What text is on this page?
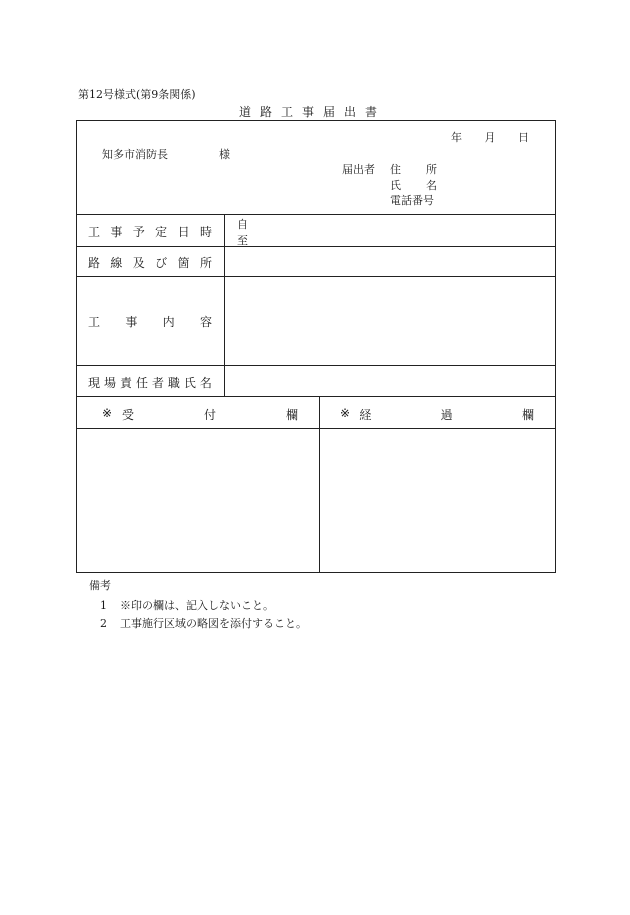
第12号様式(第9条関係)
道路工事届出書
年 月 日
知多市消防長	様
届出者 住 所
氏 名
電話番号
工 事 予 定 日 時
自
至
路 線 及 び 箇 所
工 事 内 容
現 場 責 任 者 職 氏 名
※ 受	付	欄	※ 経	過	欄
備考
1 ※印の欄は、記入しないこと。
2 工事施行区域の略図を添付すること。
